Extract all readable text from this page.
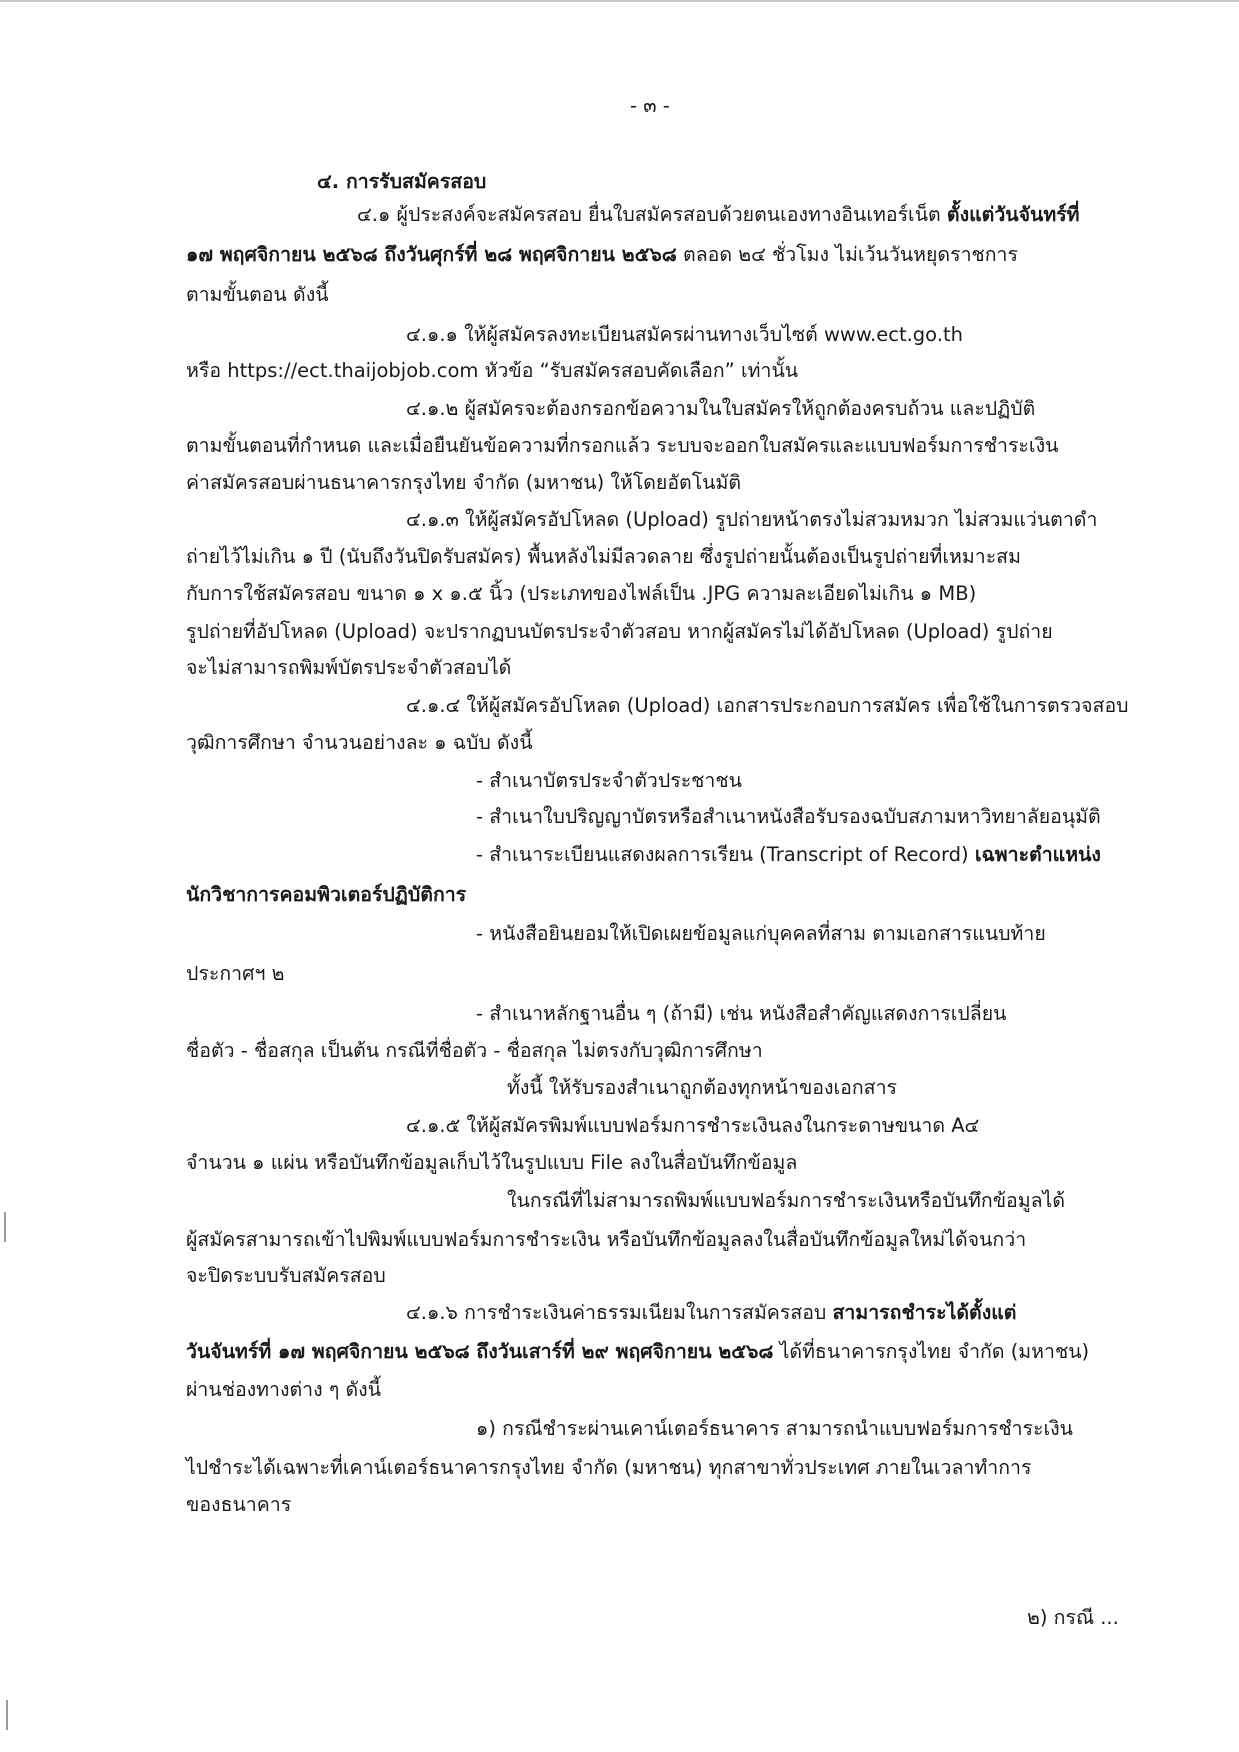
- ๓ -
๔. การรับสมัครสอบ
๔.๑ ผู้ประสงค์จะสมัครสอบ ยื่นใบสมัครสอบด้วยตนเองทางอินเทอร์เน็ต ตั้งแต่วันจันทร์ที่
๑๗ พฤศจิกายน ๒๕๖๘ ถึงวันศุกร์ที่ ๒๘ พฤศจิกายน ๒๕๖๘ ตลอด ๒๔ ชั่วโมง ไม่เว้นวันหยุดราชการ
ตามขั้นตอน ดังนี้
๔.๑.๑ ให้ผู้สมัครลงทะเบียนสมัครผ่านทางเว็บไซต์ www.ect.go.th
หรือ https://ect.thaijobjob.com หัวข้อ “รับสมัครสอบคัดเลือก” เท่านั้น
๔.๑.๒ ผู้สมัครจะต้องกรอกข้อความในใบสมัครให้ถูกต้องครบถ้วน และปฏิบัติ
ตามขั้นตอนที่กำหนด และเมื่อยืนยันข้อความที่กรอกแล้ว ระบบจะออกใบสมัครและแบบฟอร์มการชำระเงิน
ค่าสมัครสอบผ่านธนาคารกรุงไทย จำกัด (มหาชน) ให้โดยอัตโนมัติ
๔.๑.๓ ให้ผู้สมัครอัปโหลด (Upload) รูปถ่ายหน้าตรงไม่สวมหมวก ไม่สวมแว่นตาดำ
ถ่ายไว้ไม่เกิน ๑ ปี (นับถึงวันปิดรับสมัคร) พื้นหลังไม่มีลวดลาย ซึ่งรูปถ่ายนั้นต้องเป็นรูปถ่ายที่เหมาะสม
กับการใช้สมัครสอบ ขนาด ๑ x ๑.๕ นิ้ว (ประเภทของไฟล์เป็น .JPG ความละเอียดไม่เกิน ๑ MB)
รูปถ่ายที่อัปโหลด (Upload) จะปรากฏบนบัตรประจำตัวสอบ หากผู้สมัครไม่ได้อัปโหลด (Upload) รูปถ่าย
จะไม่สามารถพิมพ์บัตรประจำตัวสอบได้
๔.๑.๔ ให้ผู้สมัครอัปโหลด (Upload) เอกสารประกอบการสมัคร เพื่อใช้ในการตรวจสอบ
วุฒิการศึกษา จำนวนอย่างละ ๑ ฉบับ ดังนี้
- สำเนาบัตรประจำตัวประชาชน
- สำเนาใบปริญญาบัตรหรือสำเนาหนังสือรับรองฉบับสภามหาวิทยาลัยอนุมัติ
- สำเนาระเบียนแสดงผลการเรียน (Transcript of Record) เฉพาะตำแหน่ง
นักวิชาการคอมพิวเตอร์ปฏิบัติการ
- หนังสือยินยอมให้เปิดเผยข้อมูลแก่บุคคลที่สาม ตามเอกสารแนบท้าย
ประกาศฯ ๒
- สำเนาหลักฐานอื่น ๆ (ถ้ามี) เช่น หนังสือสำคัญแสดงการเปลี่ยน
ชื่อตัว - ชื่อสกุล เป็นต้น กรณีที่ชื่อตัว - ชื่อสกุล ไม่ตรงกับวุฒิการศึกษา
ทั้งนี้ ให้รับรองสำเนาถูกต้องทุกหน้าของเอกสาร
๔.๑.๕ ให้ผู้สมัครพิมพ์แบบฟอร์มการชำระเงินลงในกระดาษขนาด A๔
จำนวน ๑ แผ่น หรือบันทึกข้อมูลเก็บไว้ในรูปแบบ File ลงในสื่อบันทึกข้อมูล
ในกรณีที่ไม่สามารถพิมพ์แบบฟอร์มการชำระเงินหรือบันทึกข้อมูลได้
ผู้สมัครสามารถเข้าไปพิมพ์แบบฟอร์มการชำระเงิน หรือบันทึกข้อมูลลงในสื่อบันทึกข้อมูลใหม่ได้จนกว่า
จะปิดระบบรับสมัครสอบ
๔.๑.๖ การชำระเงินค่าธรรมเนียมในการสมัครสอบ สามารถชำระได้ตั้งแต่
วันจันทร์ที่ ๑๗ พฤศจิกายน ๒๕๖๘ ถึงวันเสาร์ที่ ๒๙ พฤศจิกายน ๒๕๖๘ ได้ที่ธนาคารกรุงไทย จำกัด (มหาชน)
ผ่านช่องทางต่าง ๆ ดังนี้
๑) กรณีชำระผ่านเคาน์เตอร์ธนาคาร สามารถนำแบบฟอร์มการชำระเงิน
ไปชำระได้เฉพาะที่เคาน์เตอร์ธนาคารกรุงไทย จำกัด (มหาชน) ทุกสาขาทั่วประเทศ ภายในเวลาทำการ
ของธนาคาร
๒) กรณี ...
